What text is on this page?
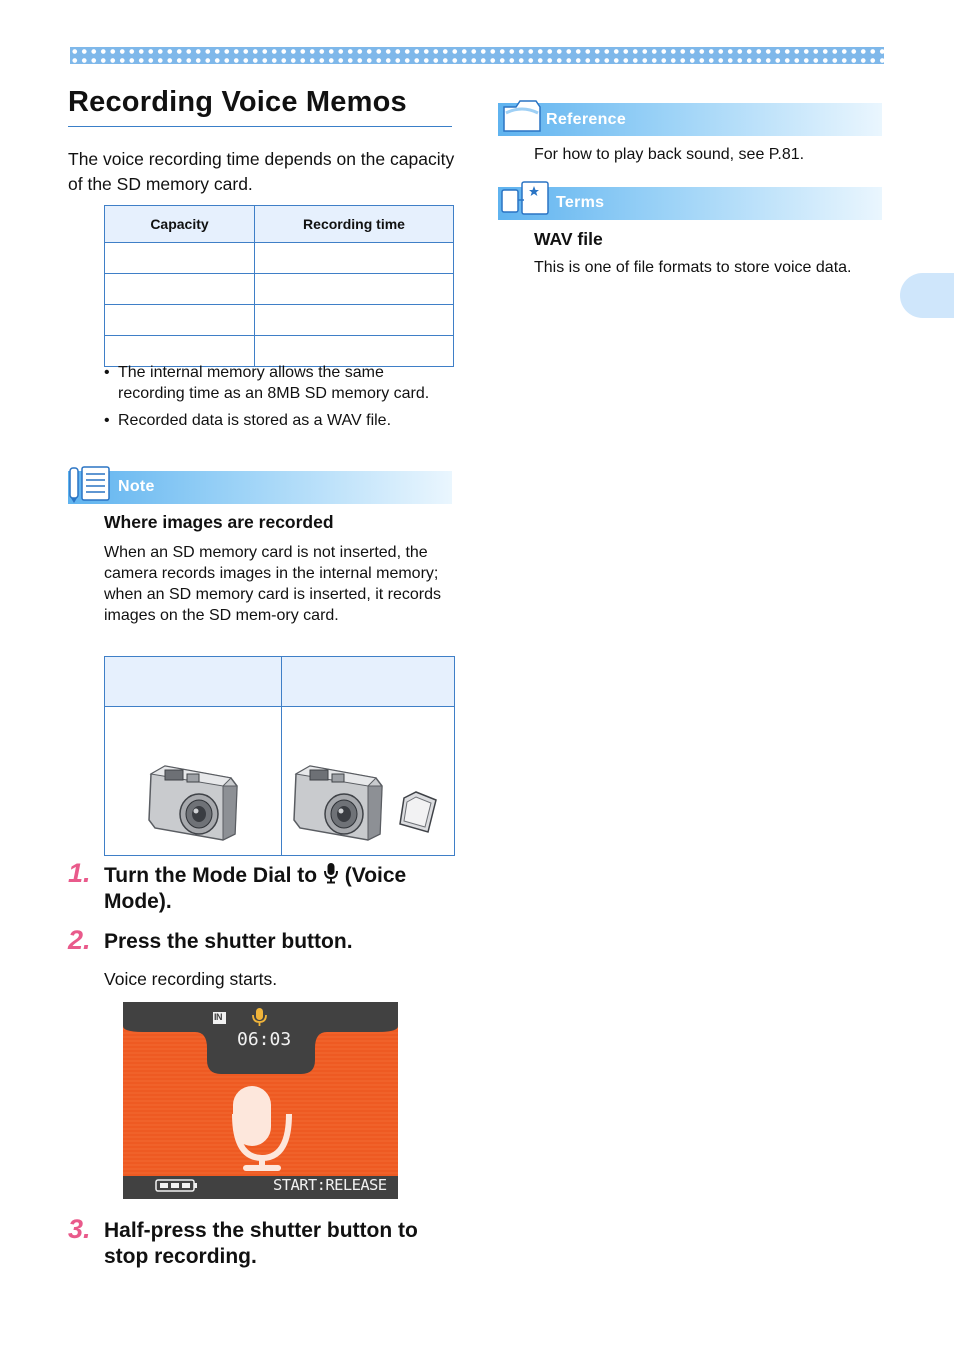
Recording Voice Memos
The voice recording time depends on the capacity of the SD memory card.
Capacity	Recording time

• The internal memory allows the same recording time as an 8MB SD memory card.
• Recorded data is stored as a WAV file.
Note
Where images are recorded
When an SD memory card is not inserted, the camera records images in the internal memory; when an SD memory card is inserted, it records images on the SD mem-ory card.

1. Turn the Mode Dial to  (Voice Mode).
2. Press the shutter button.
Voice recording starts.
IN
06:03
START:RELEASE
3. Half-press the shutter button to stop recording.
Reference
For how to play back sound, see P.81.
Terms
WAV file
This is one of file formats to store voice data.
